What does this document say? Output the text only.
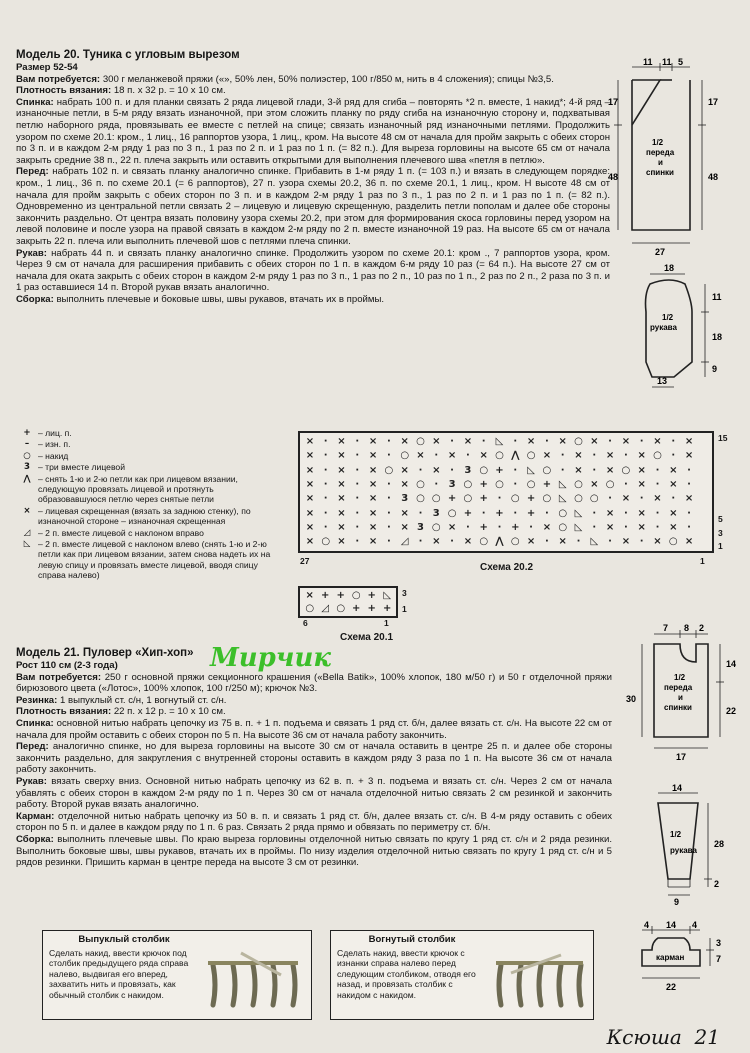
Модель 20. Туника с угловым вырезом

Размер 52-54

Вам потребуется: 300 г меланжевой пряжи («», 50% лен, 50% полиэстер, 100 г/850 м, нить в 4 сложения); спицы №3,5.

Плотность вязания: 18 п. х 32 р. = 10 х 10 см.

Спинка: набрать 100 п. и для планки связать 2 ряда лицевой глади, 3-й ряд для сгиба – повторять *2 п. вместе, 1 накид*; 4-й ряд – изнаночные петли, в 5-м ряду вязать изнаночной, при этом сложить планку по ряду сгиба на изнаночную сторону и, подхватывая петлю наборного ряда, провязывать ее вместе с петлей на спице; связать изнаночный ряд изнаночными петлями. Продолжить узором по схеме 20.1: кром., 1 лиц., 16 раппортов узора, 1 лиц., кром. На высоте 48 см от начала для пройм закрыть с обеих сторон по 3 п. и в каждом 2-м ряду 1 раз по 3 п., 1 раз по 2 п. и 1 раз по 1 п. (= 82 п.). Для выреза горловины на высоте 65 см от начала закрыть средние 38 п., 22 п. плеча закрыть или оставить открытыми для выполнения плечевого шва «петля в петлю».

Перед: набрать 102 п. и связать планку аналогично спинке. Прибавить в 1-м ряду 1 п. (= 103 п.) и вязать в следующем порядке: кром., 1 лиц., 36 п. по схеме 20.1 (= 6 раппортов), 27 п. узора схемы 20.2, 36 п. по схеме 20.1, 1 лиц., кром. Н высоте 48 см от начала для пройм закрыть с обеих сторон по 3 п. и в каждом 2-м ряду 1 раз по 3 п., 1 раз по 2 п. и 1 раз по 1 п. (= 82 п.). Одновременно из центральной петли связать 2 – лицевую и лицевую скрещенную, разделить петли пополам и далее обе стороны закончить раздельно. От центра вязать половину узора схемы 20.2, при этом для формирования скоса горловины перед узором на левой половине и после узора на правой связать в каждом 2-м ряду по 2 п. вместе изнаночной 19 раз. На высоте 65 см от начала закрыть 22 п. плеча или выполнить плечевой шов с петлями плеча спинки.

Рукав: набрать 44 п. и связать планку аналогично спинке. Продолжить узором по схеме 20.1: кром ., 7 раппортов узора, кром. Через 9 см от начала для расширения прибавить с обеих сторон по 1 п. в каждом 6-м ряду 10 раз (= 64 п.). На высоте 27 см от начала для оката закрыть с обеих сторон в каждом 2-м ряду 1 раз по 3 п., 1 раз по 2 п., 10 раз по 1 п., 2 раз по 2 п., 2 раза по 3 п. и 1 раз оставшиеся 14 п. Второй рукав вязать аналогично.

Сборка: выполнить плечевые и боковые швы, швы рукавов, втачать их в проймы.

11 11 5
17	17
48	48
27
1/2
переда
и
спинки
18
11
18
9
13
1/2
рукава
+ – лиц. п.
–	– изн. п.
○ – накид
3 – три вместе лицевой
⋀ – снять 1-ю и 2-ю петли как при лицевом вязании, следующую провязать лицевой и протянуть образовавшуюся петлю через снятые петли
× – лицевая скрещенная (вязать за заднюю стенку), по изнаночной стороне – изнаночная скрещенная
◿ – 2 п. вместе лицевой с наклоном вправо
◺ – 2 п. вместе лицевой с наклоном влево (снять 1-ю и 2-ю петли как при лицевом вязании, затем снова надеть их на левую спицу и провязать вместе лицевой, вводя спицу справа налево)
× · × · × · × ○ × · × ·	◺	· × · × ○ × · × · × · ×
× · × · × · ○ × · × · × ○ ⋀ ○ × · × · × · × ○ · ×
× · × · × ○ × · × ·	3 ○ + ·	◺ ○ · × · × ○ × · × ·
× · × · × · × ○ ·	3 ○ + ○ · ○ + ◺ ○ × ○ · × · × ·
× · × · × ·	3 ○ ○ + ○ + · ○ + ○ ◺ ○ ○ · × · × · ×
× · × · × · × ·	3 ○ + · + · + · ○ ◺	· × · × · × ·
× · × · × · × 3 ○ × · + · + · × ○ ◺	· × · × · × ·
× ○ × · × ·	◿	· × · × ○ ⋀ ○ × · × ·	◺	· × · × ○ ×
15
5
3
1
27	1
Схема 20.2
× + + ○ + ◺
○ ◿ ○ + + +
3
1
6	1
Схема 20.1
Мирчик

Модель 21. Пуловер «Хип-хоп»

Рост 110 см (2-3 года)

Вам потребуется: 250 г основной пряжи секционного крашения («Bella Batik», 100% хлопок, 180 м/50 г) и 50 г отделочной пряжи бирюзового цвета («Лотос», 100% хлопок, 100 г/250 м); крючок №3.

Резинка: 1 выпуклый ст. с/н, 1 вогнутый ст. с/н.

Плотность вязания: 22 п. х 12 р. = 10 х 10 см.

Спинка: основной нитью набрать цепочку из 75 в. п. + 1 п. подъема и связать 1 ряд ст. б/н, далее вязать ст. с/н. На высоте 22 см от начала для пройм оставить с обеих сторон по 5 п. На высоте 36 см от начала работу закончить.

Перед: аналогично спинке, но для выреза горловины на высоте 30 см от начала оставить в центре 25 п. и далее обе стороны закончить раздельно, для закругления с внутренней стороны оставить в каждом ряду 3 раза по 1 п. На высоте 36 см от начала работу закончить.

Рукав: вязать сверху вниз. Основной нитью набрать цепочку из 62 в. п. + 3 п. подъема и вязать ст. с/н. Через 2 см от начала убавлять с обеих сторон в каждом 2-м ряду по 1 п. Через 30 см от начала отделочной нитью связать 2 см резинкой и закончить работу. Второй рукав вязать аналогично.

Карман: отделочной нитью набрать цепочку из 50 в. п. и связать 1 ряд ст. б/н, далее вязать ст. с/н. В 4-м ряду оставить с обеих сторон по 5 п. и далее в каждом ряду по 1 п. 6 раз. Связать 2 ряда прямо и обвязать по периметру ст. б/н.

Сборка: выполнить плечевые швы. По краю выреза горловины отделочной нитью связать по кругу 1 ряд ст. с/н и 2 ряда резинки. Выполнить боковые швы, швы рукавов, втачать их в проймы. По низу изделия отделочной нитью связать по кругу 1 ряд ст. с/н и 5 рядов резинки. Пришить карман в центре переда на высоте 3 см от резинки.

7 8 2
14
22
30
17
1/2
переда
и
спинки
14
28
2
9
1/2
рукава
4 14 4
3
7
22
карман
Выпуклый столбик
Сделать накид, ввести крючок под столбик предыдущего ряда справа налево, выдвигая его вперед, захватить нить и провязать, как обычный столбик с накидом.
Вогнутый столбик
Сделать накид, ввести крючок с изнанки справа налево перед следующим столбиком, отводя его назад, и провязать столбик с накидом с накидом.
Ксюша 21
